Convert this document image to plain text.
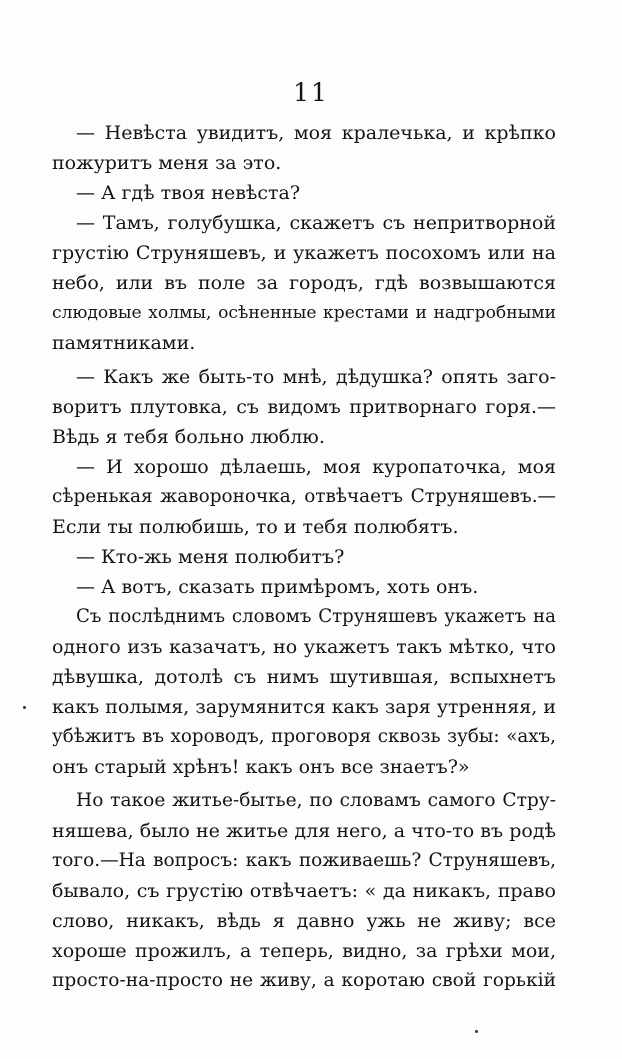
11
— Невѣста увидитъ, моя кралечька, и крѣпко
пожуритъ меня за это.
— А гдѣ твоя невѣста?
— Тамъ, голубушка, скажетъ съ непритворной
грустію Струняшевъ, и укажетъ посохомъ или на
небо, или въ поле за городъ, гдѣ возвышаются
слюдовые холмы, осѣненные крестами и надгробными
памятниками.
— Какъ же быть-то мнѣ, дѣдушка? опять заго-
воритъ плутовка, съ видомъ притворнаго горя.—
Вѣдь я тебя больно люблю.
— И хорошо дѣлаешь, моя куропаточка, моя
сѣренькая жавороночка, отвѣчаетъ Струняшевъ.—
Если ты полюбишь, то и тебя полюбятъ.
— Кто-жь меня полюбитъ?
— А вотъ, сказать примѣромъ, хоть онъ.
Съ послѣднимъ словомъ Струняшевъ укажетъ на
одного изъ казачатъ, но укажетъ такъ мѣтко, что
дѣвушка, дотолѣ съ нимъ шутившая, вспыхнетъ
какъ полымя, зарумянится какъ заря утренняя, и
убѣжитъ въ хороводъ, проговоря сквозь зубы: «ахъ,
онъ старый хрѣнъ! какъ онъ все знаетъ?»
Но такое житье-бытье, по словамъ самого Стру-
няшева, было не житье для него, а что-то въ родѣ
того.—На вопросъ: какъ поживаешь? Струняшевъ,
бывало, съ грустію отвѣчаетъ: « да никакъ, право
слово, никакъ, вѣдь я давно ужь не живу; все
хороше прожилъ, а теперь, видно, за грѣхи мои,
просто-на-просто не живу, а коротаю свой горькій
